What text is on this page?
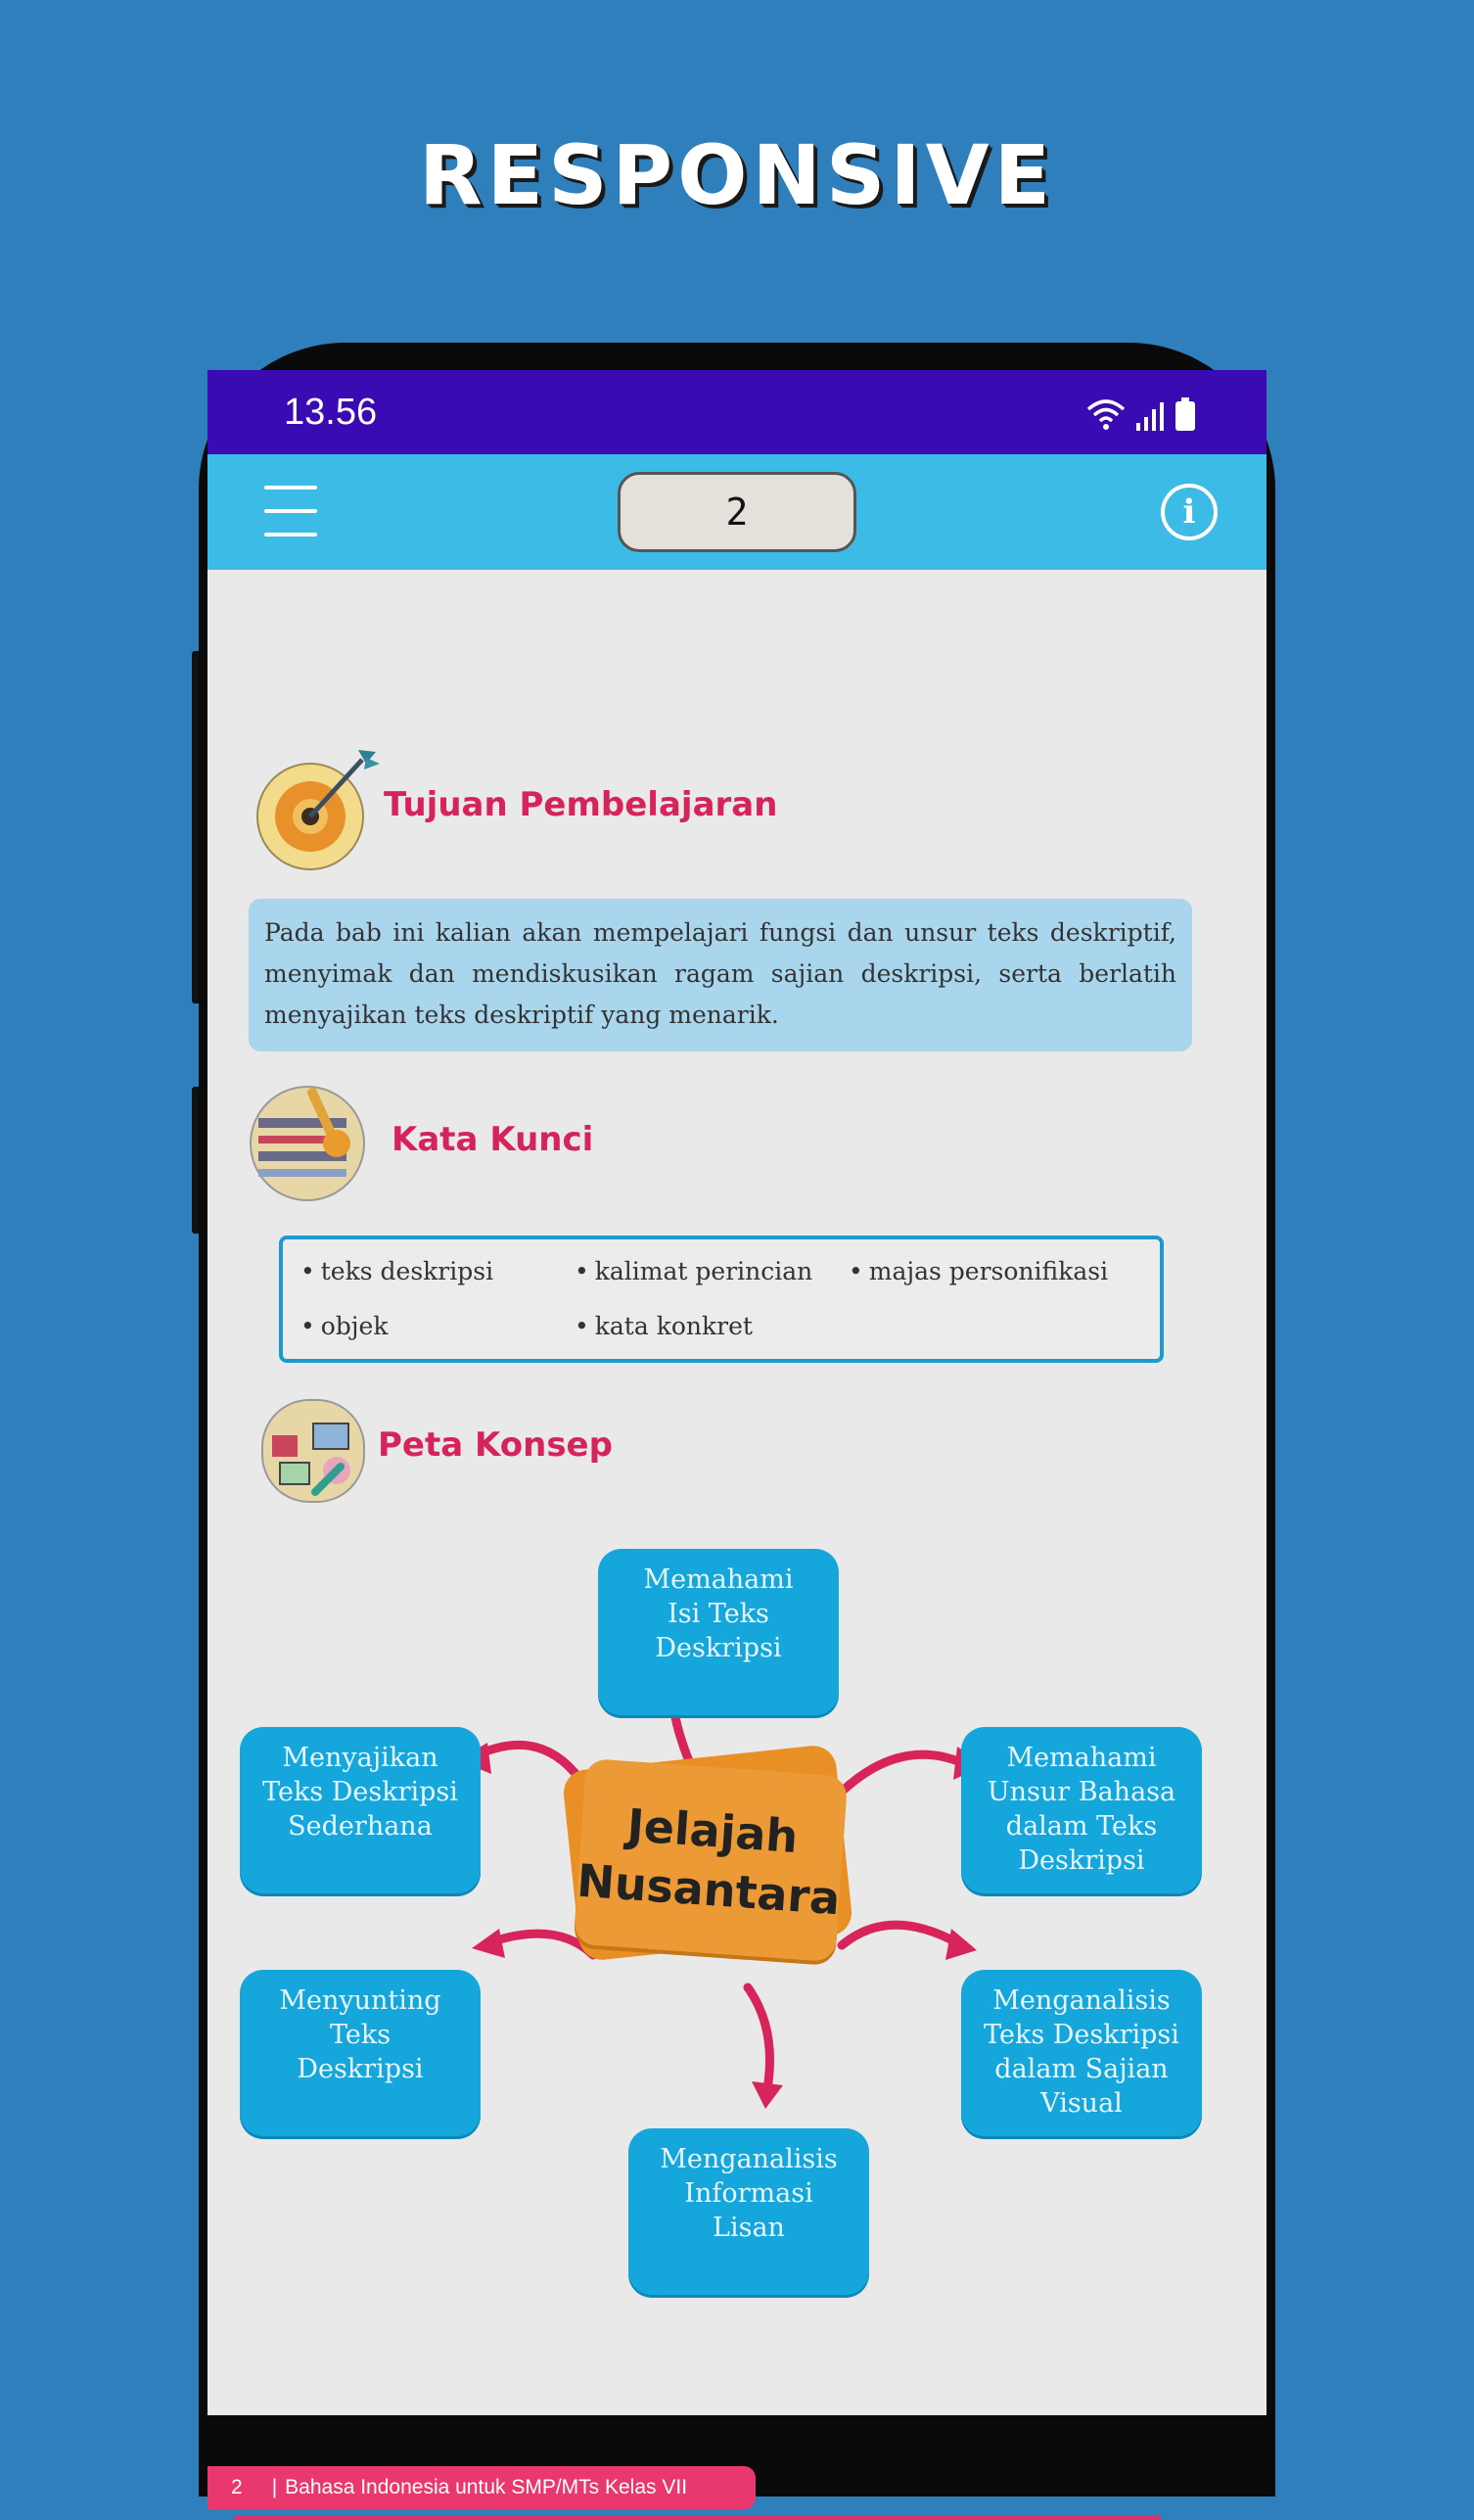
RESPONSIVE
13.56
2	i
Tujuan Pembelajaran
Pada bab ini kalian akan mempelajari fungsi dan unsur teks deskriptif, menyimak dan mendiskusikan ragam sajian deskripsi, serta berlatih menyajikan teks deskriptif yang menarik.
Kata Kunci
• teks deskripsi	• kalimat perincian	• majas personifikasi
• objek	• kata konkret
Peta Konsep
Memahami
Isi Teks
Deskripsi
Menyajikan
Teks Deskripsi
Sederhana
Memahami
Unsur Bahasa
dalam Teks
Deskripsi
Menyunting
Teks
Deskripsi
Menganalisis
Teks Deskripsi
dalam Sajian
Visual
Menganalisis
Informasi
Lisan
Jelajah
Nusantara
2 | Bahasa Indonesia untuk SMP/MTs Kelas VII
